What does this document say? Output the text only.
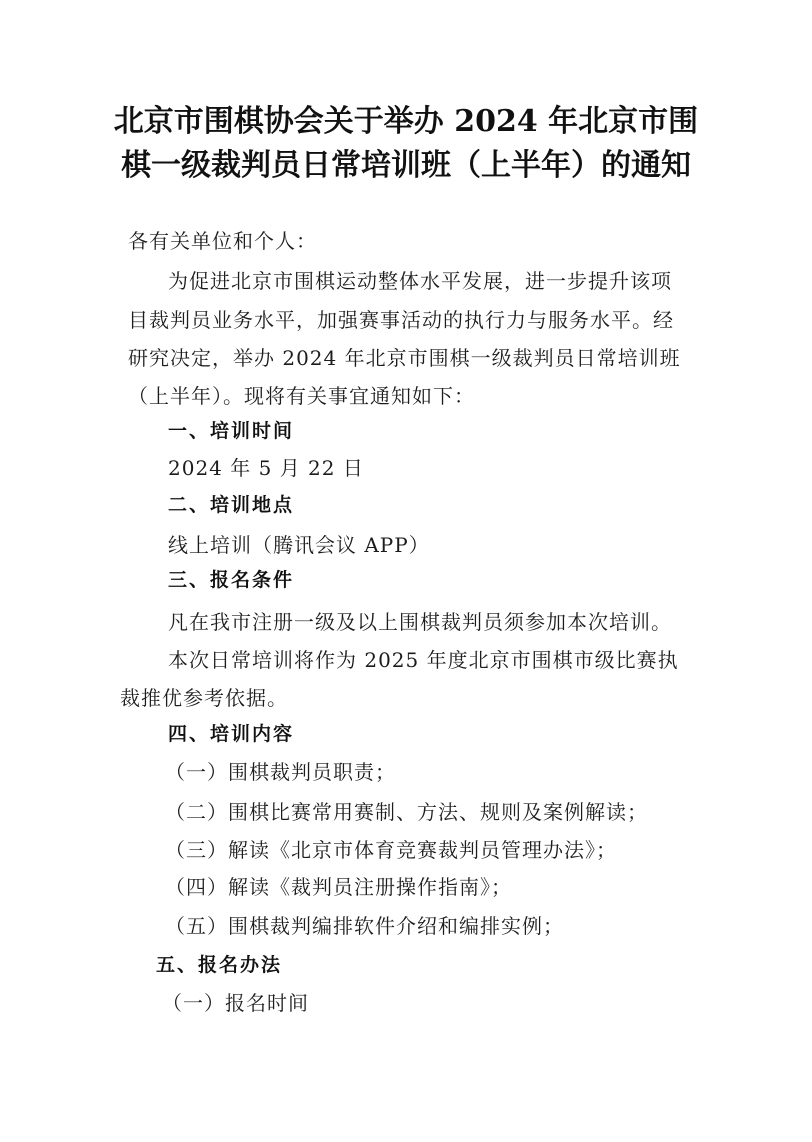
北京市围棋协会关于举办 2024 年北京市围
棋一级裁判员日常培训班（上半年）的通知
各有关单位和个人：
为促进北京市围棋运动整体水平发展，进一步提升该项
目裁判员业务水平，加强赛事活动的执行力与服务水平。经
研究决定，举办 2024 年北京市围棋一级裁判员日常培训班
（上半年）。现将有关事宜通知如下：
一、培训时间
2024 年 5 月 22 日
二、培训地点
线上培训（腾讯会议 APP）
三、报名条件
凡在我市注册一级及以上围棋裁判员须参加本次培训。
本次日常培训将作为 2025 年度北京市围棋市级比赛执
裁推优参考依据。
四、培训内容
（一）围棋裁判员职责；
（二）围棋比赛常用赛制、方法、规则及案例解读；
（三）解读《北京市体育竞赛裁判员管理办法》；
（四）解读《裁判员注册操作指南》；
（五）围棋裁判编排软件介绍和编排实例；
五、报名办法
（一）报名时间
